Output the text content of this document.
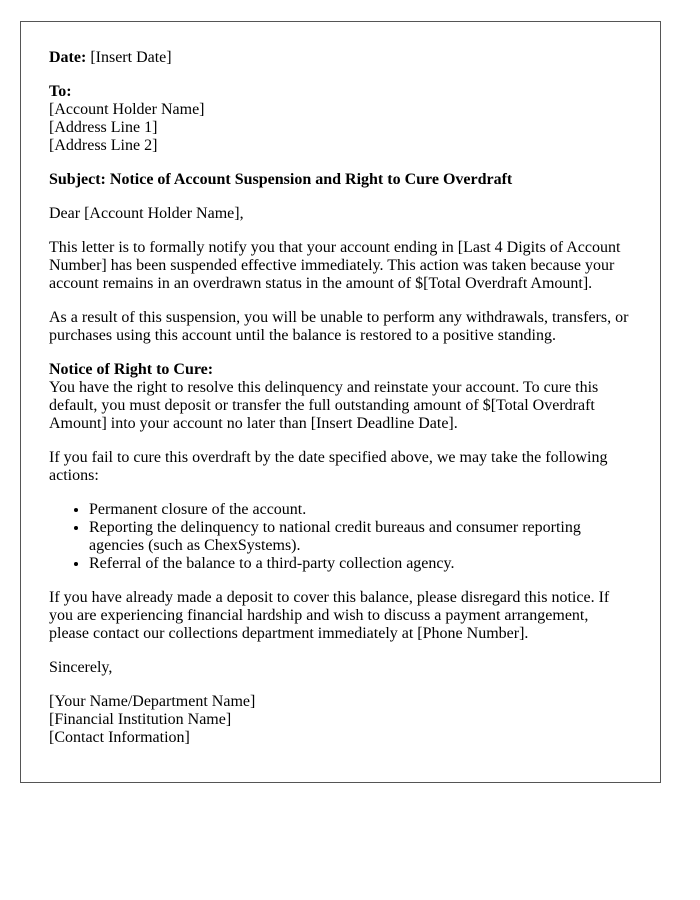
Date: [Insert Date]
To:
[Account Holder Name]
[Address Line 1]
[Address Line 2]

Subject: Notice of Account Suspension and Right to Cure Overdraft

Dear [Account Holder Name],

This letter is to formally notify you that your account ending in [Last 4 Digits of Account Number] has been suspended effective immediately. This action was taken because your account remains in an overdrawn status in the amount of $[Total Overdraft Amount].

As a result of this suspension, you will be unable to perform any withdrawals, transfers, or purchases using this account until the balance is restored to a positive standing.

Notice of Right to Cure:
You have the right to resolve this delinquency and reinstate your account. To cure this default, you must deposit or transfer the full outstanding amount of $[Total Overdraft Amount] into your account no later than [Insert Deadline Date].

If you fail to cure this overdraft by the date specified above, we may take the following actions:

• Permanent closure of the account.
• Reporting the delinquency to national credit bureaus and consumer reporting agencies (such as ChexSystems).
• Referral of the balance to a third-party collection agency.

If you have already made a deposit to cover this balance, please disregard this notice. If you are experiencing financial hardship and wish to discuss a payment arrangement, please contact our collections department immediately at [Phone Number].

Sincerely,

[Your Name/Department Name]
[Financial Institution Name]
[Contact Information]
